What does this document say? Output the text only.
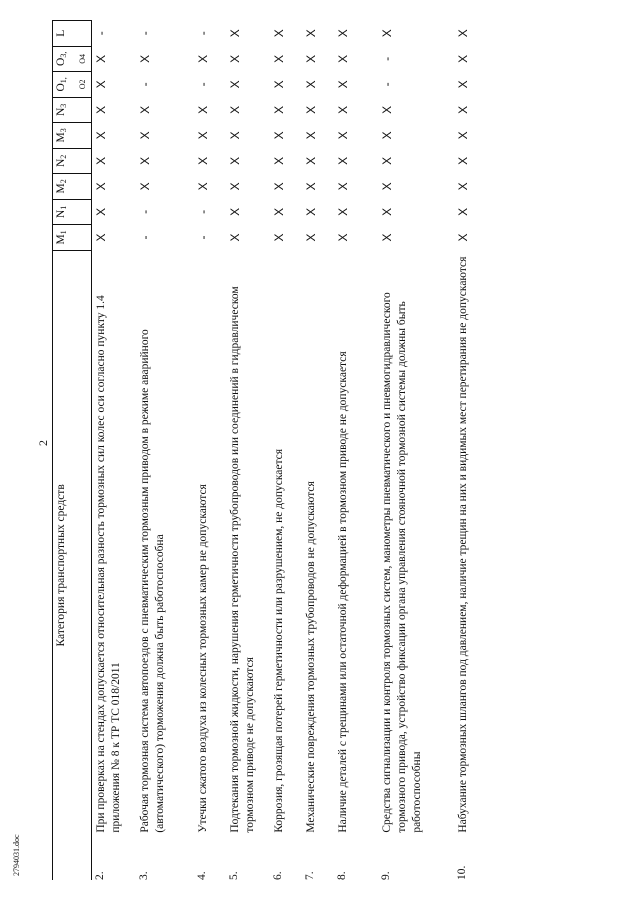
2
2794031.doc
Категория транспортных средств		$M_1$	$N_1$	$M_2$	$N_2$	$M_3$	$N_3$	$O_{1, O2}$	$O_{3, O4}$	L
2.	При проверках на стендах допускается относительная разность тормозных сил колес оси согласно пункту 1.4 приложения № 8 к ТР ТС 018/2011	X	X	X	X	X	X	X	X	-
3.	Рабочая тормозная система автопоездов с пневматическим тормозным приводом в режиме аварийного (автоматического) торможения должна быть работоспособна	-	-	X	X	X	X	-	X	-
4.	Утечки сжатого воздуха из колесных тормозных камер не допускаются	-	-	X	X	X	X	-	X	-
5.	Подтекания тормозной жидкости, нарушения герметичности трубопроводов или соединений в гидравлическом тормозном приводе не допускаются	X	X	X	X	X	X	X	X	X
6.	Коррозия, грозящая потерей герметичности или разрушением, не допускается	X	X	X	X	X	X	X	X	X
7.	Механические повреждения тормозных трубопроводов не допускаются	X	X	X	X	X	X	X	X	X
8.	Наличие деталей с трещинами или остаточной деформацией в тормозном приводе не допускается	X	X	X	X	X	X	X	X	X
9.	Средства сигнализации и контроля тормозных систем, манометры пневматического и пневмогидравлического тормозного привода, устройство фиксации органа управления стояночной тормозной системы должны быть работоспособны	X	X	X	X	X	X	-	-	X
10.	Набухание тормозных шлангов под давлением, наличие трещин на них и видимых мест перетирания не допускаются	X	X	X	X	X	X	X	X	X
